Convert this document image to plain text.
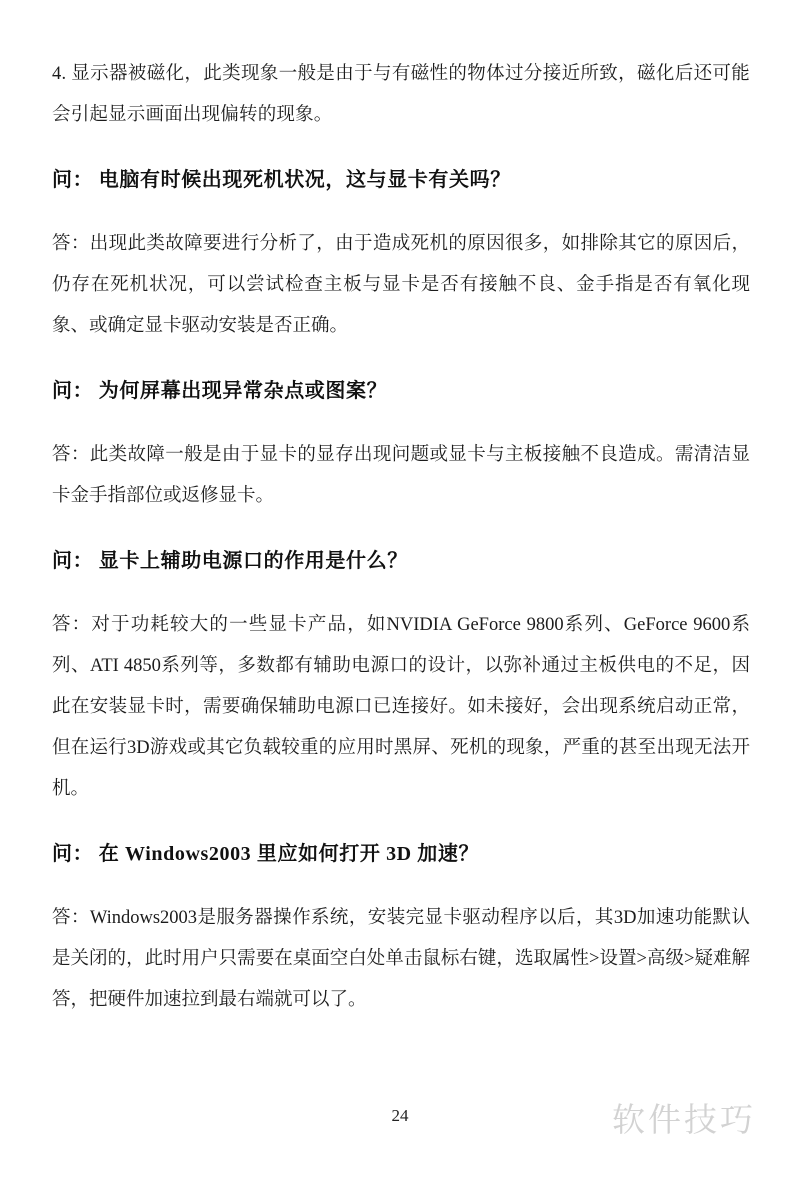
4. 显示器被磁化，此类现象一般是由于与有磁性的物体过分接近所致，磁化后还可能会引起显示画面出现偏转的现象。
问： 电脑有时候出现死机状况，这与显卡有关吗？
答：出现此类故障要进行分析了，由于造成死机的原因很多，如排除其它的原因后，仍存在死机状况，可以尝试检查主板与显卡是否有接触不良、金手指是否有氧化现象、或确定显卡驱动安装是否正确。
问： 为何屏幕出现异常杂点或图案？
答：此类故障一般是由于显卡的显存出现问题或显卡与主板接触不良造成。需清洁显卡金手指部位或返修显卡。
问： 显卡上辅助电源口的作用是什么？
答：对于功耗较大的一些显卡产品，如NVIDIA GeForce 9800系列、GeForce 9600系列、ATI 4850系列等，多数都有辅助电源口的设计，以弥补通过主板供电的不足，因此在安装显卡时，需要确保辅助电源口已连接好。如未接好，会出现系统启动正常，但在运行3D游戏或其它负载较重的应用时黑屏、死机的现象，严重的甚至出现无法开机。
问： 在 Windows2003 里应如何打开 3D 加速？
答：Windows2003是服务器操作系统，安装完显卡驱动程序以后，其3D加速功能默认是关闭的，此时用户只需要在桌面空白处单击鼠标右键，选取属性>设置>高级>疑难解答，把硬件加速拉到最右端就可以了。
24	软件技巧
